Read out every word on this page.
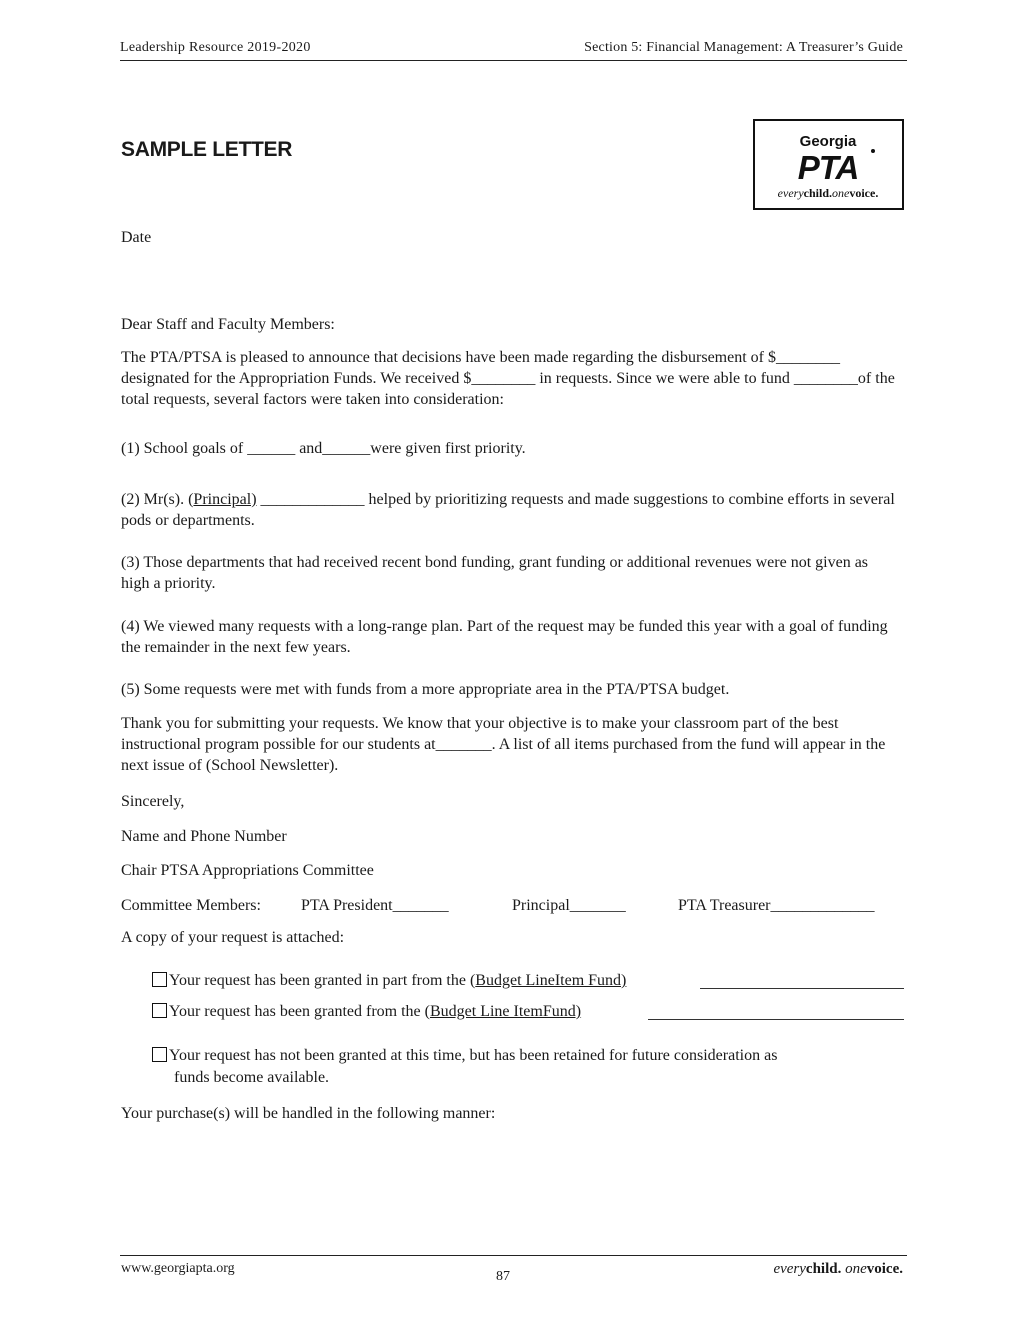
Leadership Resource 2019-2020	Section 5: Financial Management: A Treasurer’s Guide
SAMPLE LETTER	Georgia
PTA
everychild.onevoice.
Date
Dear Staff and Faculty Members:
The PTA/PTSA is pleased to announce that decisions have been made regarding the disbursement of $________ designated for the Appropriation Funds. We received $________ in requests. Since we were able to fund ________of the total requests, several factors were taken into consideration:
(1) School goals of ______ and______were given first priority.
(2) Mr(s). (Principal) _____________ helped by prioritizing requests and made suggestions to combine efforts in several pods or departments.
(3) Those departments that had received recent bond funding, grant funding or additional revenues were not given as high a priority.
(4) We viewed many requests with a long-range plan. Part of the request may be funded this year with a goal of funding the remainder in the next few years.
(5) Some requests were met with funds from a more appropriate area in the PTA/PTSA budget.
Thank you for submitting your requests. We know that your objective is to make your classroom part of the best instructional program possible for our students at_______. A list of all items purchased from the fund will appear in the next issue of (School Newsletter).
Sincerely,
Name and Phone Number
Chair PTSA Appropriations Committee
Committee Members:	PTA President_______	Principal_______	PTA Treasurer_____________
A copy of your request is attached:
Your request has been granted in part from the (Budget LineItem Fund)
Your request has been granted from the (Budget Line ItemFund)
Your request has not been granted at this time, but has been retained for future consideration as
funds become available.
Your purchase(s) will be handled in the following manner:
www.georgiapta.org
87	everychild. onevoice.
